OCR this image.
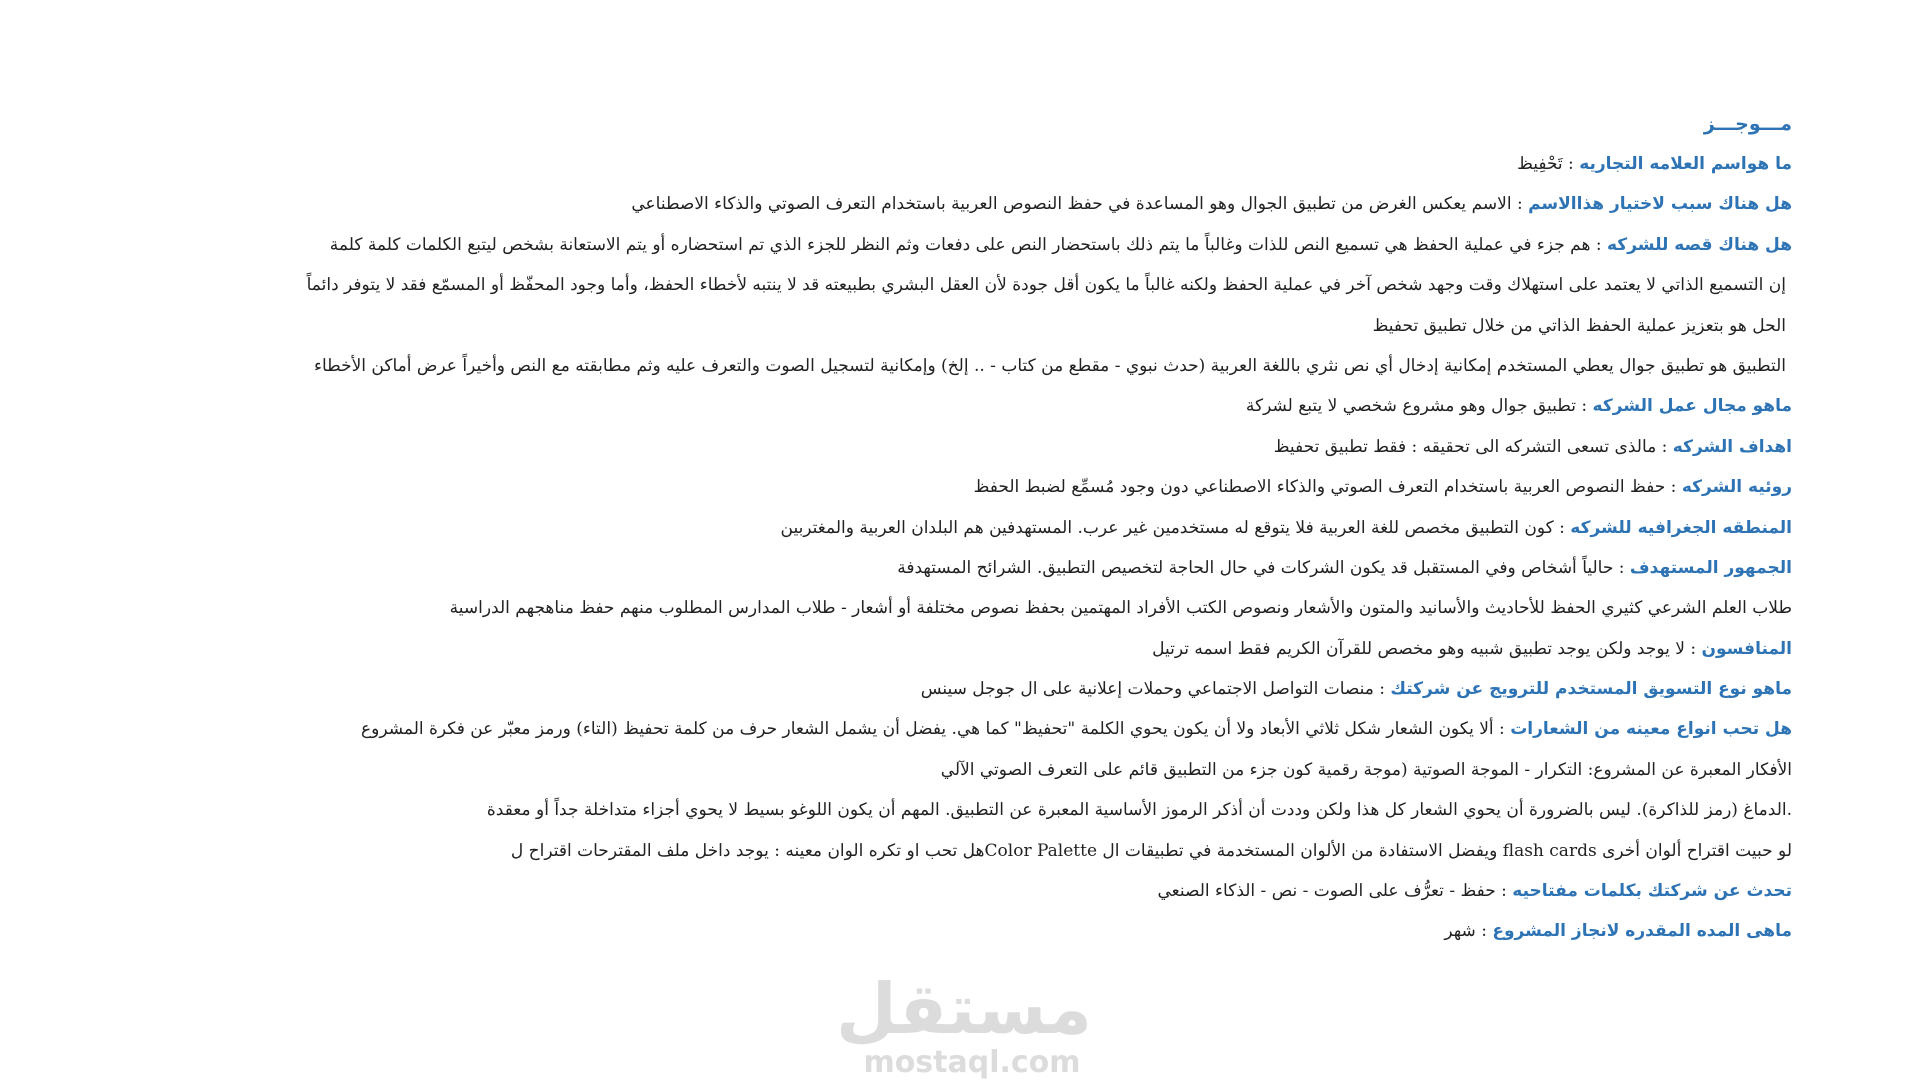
مـــوجـــز
ما هواسم العلامه التجاريه : تَحْفِيظ
هل هناك سبب لاختيار هذاالاسم : الاسم يعكس الغرض من تطبيق الجوال وهو المساعدة في حفظ النصوص العربية باستخدام التعرف الصوتي والذكاء الاصطناعي
هل هناك قصه للشركه : هم جزء في عملية الحفظ هي تسميع النص للذات وغالباً ما يتم ذلك باستحضار النص على دفعات وثم النظر للجزء الذي تم استحضاره أو يتم الاستعانة بشخص ليتبع الكلمات كلمة كلمة
إن التسميع الذاتي لا يعتمد على استهلاك وقت وجهد شخص آخر في عملية الحفظ ولكنه غالباً ما يكون أقل جودة لأن العقل البشري بطبيعته قد لا ينتبه لأخطاء الحفظ، وأما وجود المحفّظ أو المسمّع فقد لا يتوفر دائماً
الحل هو بتعزيز عملية الحفظ الذاتي من خلال تطبيق تحفيظ
التطبيق هو تطبيق جوال يعطي المستخدم إمكانية إدخال أي نص نثري باللغة العربية (حدث نبوي - مقطع من كتاب - .. إلخ) وإمكانية لتسجيل الصوت والتعرف عليه وثم مطابقته مع النص وأخيراً عرض أماكن الأخطاء
ماهو مجال عمل الشركه : تطبيق جوال وهو مشروع شخصي لا يتبع لشركة
اهداف الشركه : مالذى تسعى التشركه الى تحقيقه : فقط تطبيق تحفيظ
روئيه الشركه : حفظ النصوص العربية باستخدام التعرف الصوتي والذكاء الاصطناعي دون وجود مُسمِّع لضبط الحفظ
المنطقه الجغرافيه للشركه : كون التطبيق مخصص للغة العربية فلا يتوقع له مستخدمين غير عرب. المستهدفين هم البلدان العربية والمغتربين
الجمهور المستهدف : حالياً أشخاص وفي المستقبل قد يكون الشركات في حال الحاجة لتخصيص التطبيق. الشرائح المستهدفة
طلاب العلم الشرعي كثيري الحفظ للأحاديث والأسانيد والمتون والأشعار ونصوص الكتب الأفراد المهتمين بحفظ نصوص مختلفة أو أشعار - طلاب المدارس المطلوب منهم حفظ مناهجهم الدراسية
المنافسون : لا يوجد ولكن يوجد تطبيق شبيه وهو مخصص للقرآن الكريم فقط اسمه ترتيل
ماهو نوع التسويق المستخدم للترويج عن شركتك : منصات التواصل الاجتماعي وحملات إعلانية على ال جوجل سينس
هل تحب انواع معينه من الشعارات : ألا يكون الشعار شكل ثلاثي الأبعاد ولا أن يكون يحوي الكلمة "تحفيظ" كما هي. يفضل أن يشمل الشعار حرف من كلمة تحفيظ (التاء) ورمز معبّر عن فكرة المشروع
الأفكار المعبرة عن المشروع: التكرار - الموجة الصوتية (موجة رقمية كون جزء من التطبيق قائم على التعرف الصوتي الآلي
.الدماغ (رمز للذاكرة). ليس بالضرورة أن يحوي الشعار كل هذا ولكن وددت أن أذكر الرموز الأساسية المعبرة عن التطبيق. المهم أن يكون اللوغو بسيط لا يحوي أجزاء متداخلة جداً أو معقدة
لو حبيت اقتراح ألوان أخرى flash cards ويفضل الاستفادة من الألوان المستخدمة في تطبيقات ال Color Paletteهل تحب او تكره الوان معينه : يوجد داخل ملف المقترحات اقتراح ل
تحدث عن شركتك بكلمات مفتاحيه : حفظ - تعرُّف على الصوت - نص - الذكاء الصنعي
ماهى المده المقدره لانجاز المشروع : شهر
مستقل
mostaql.com
